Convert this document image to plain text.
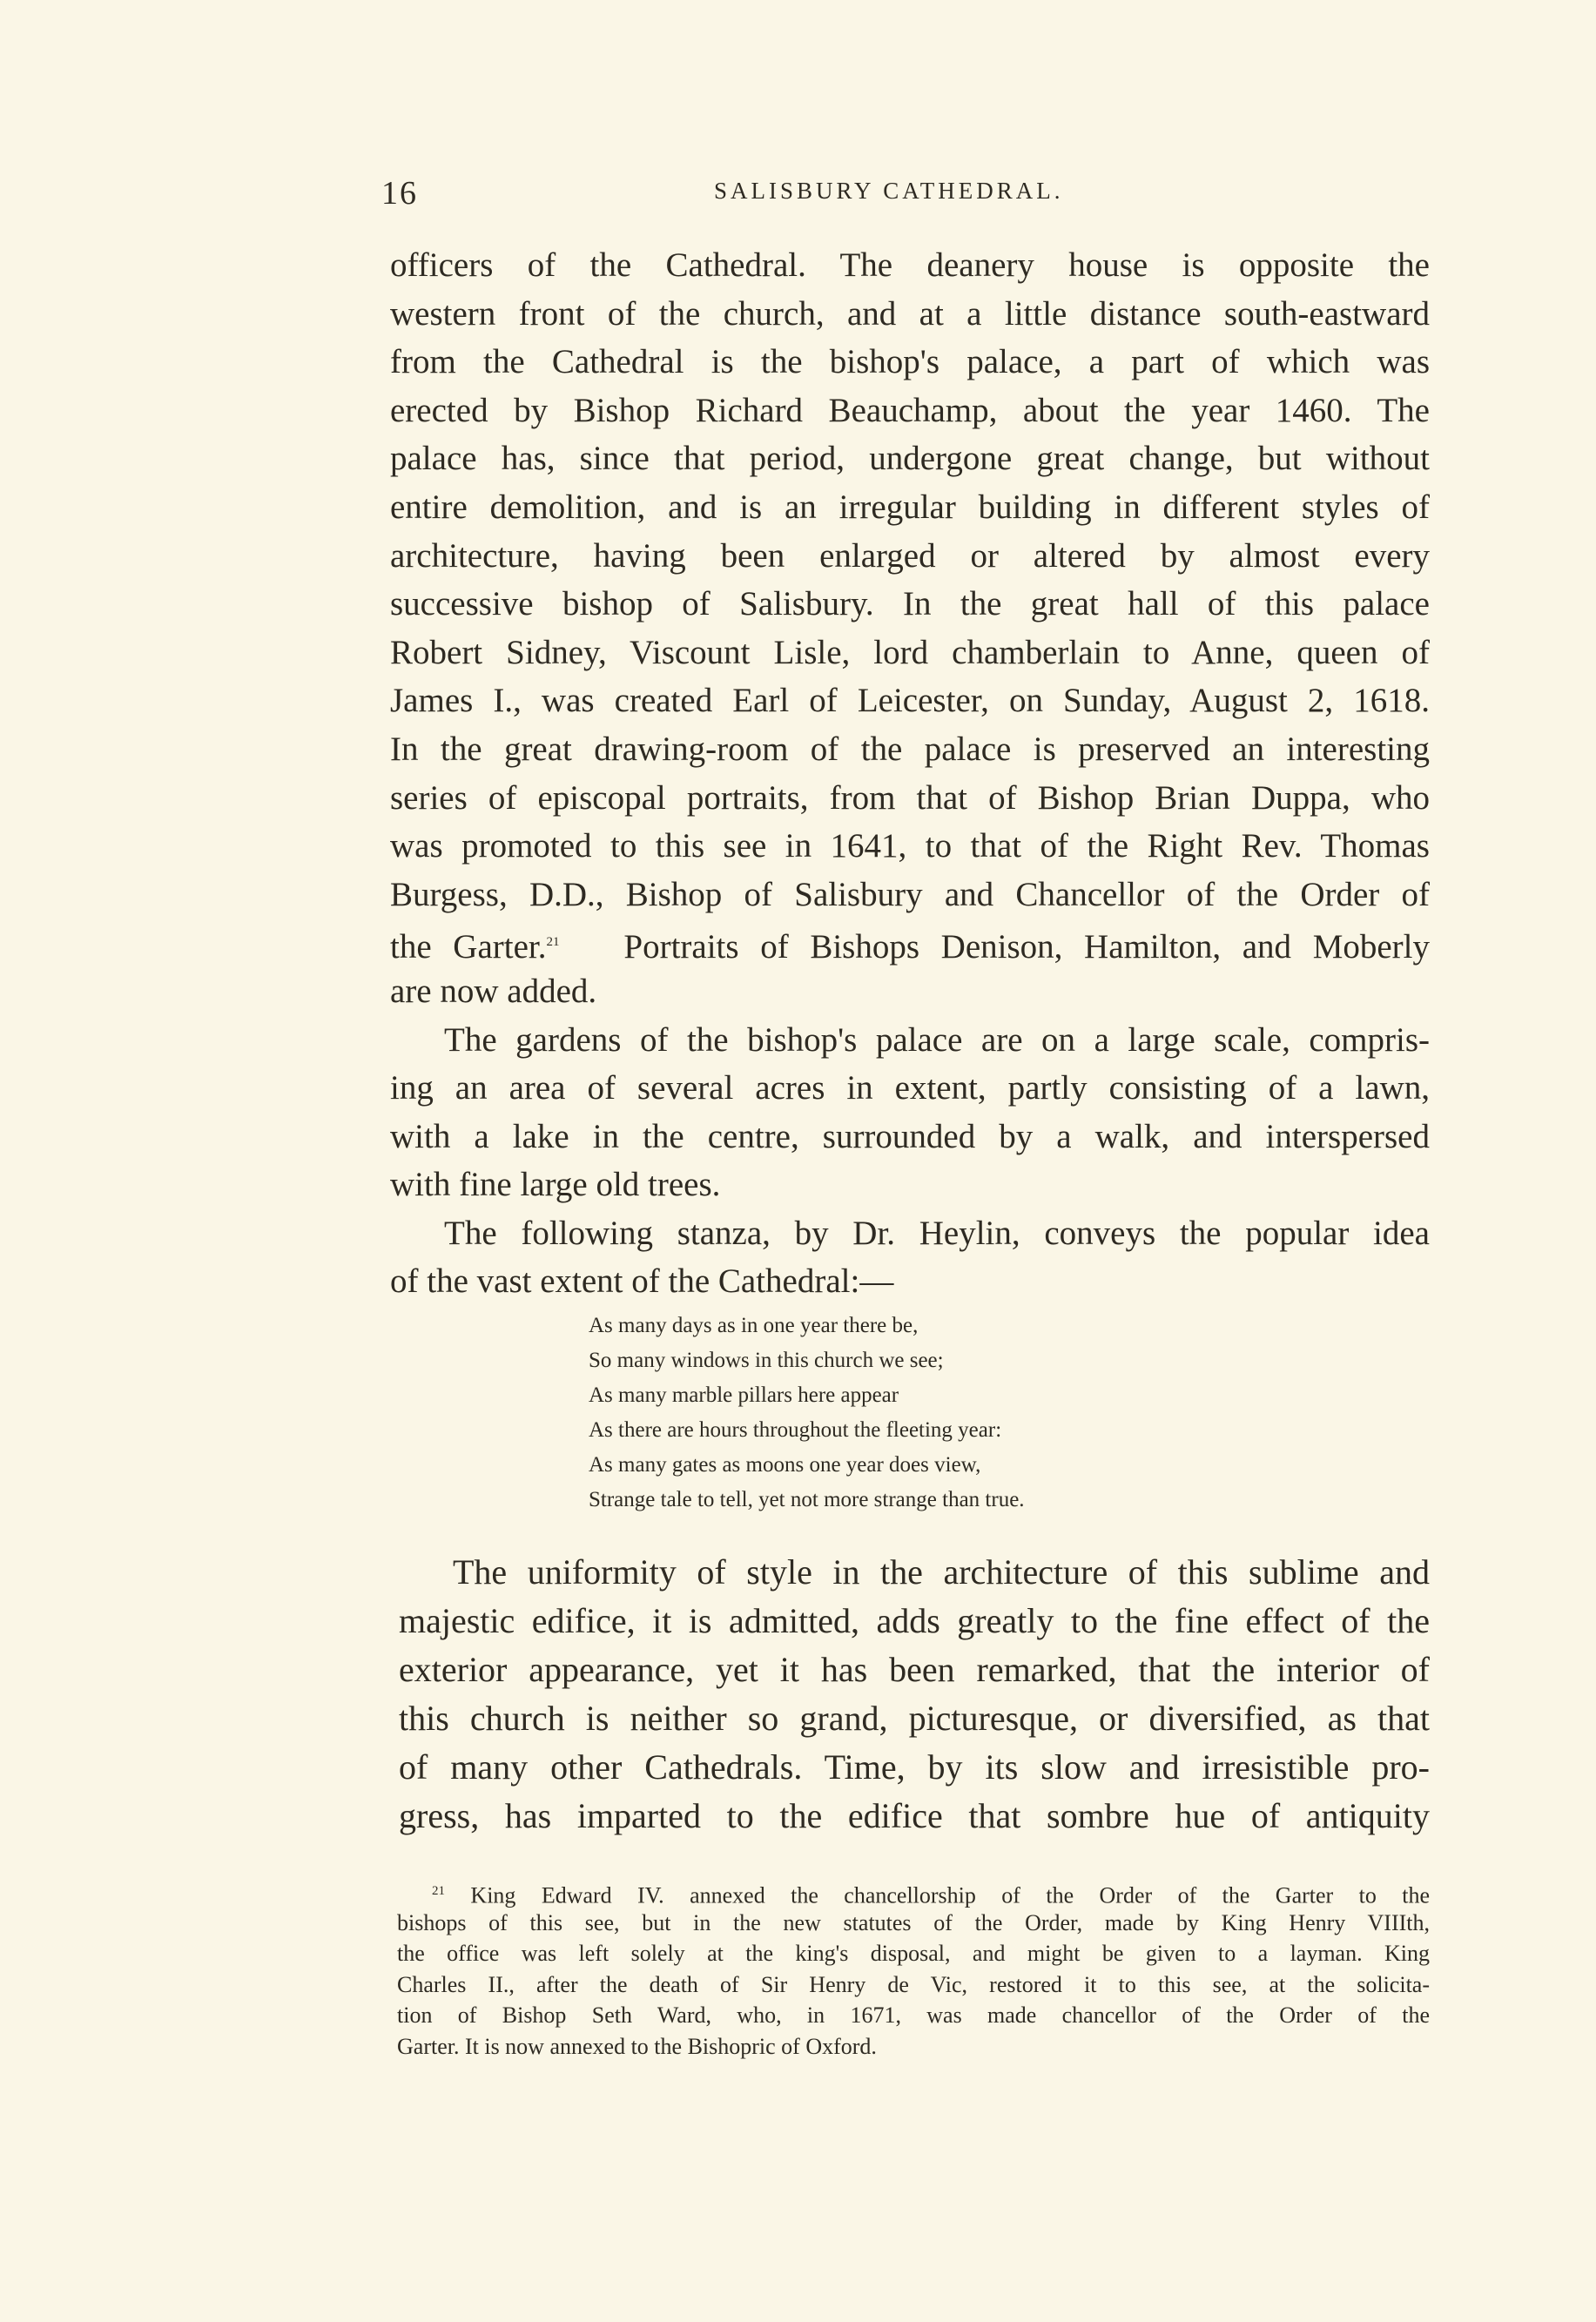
16	SALISBURY CATHEDRAL.
officers of the Cathedral. The deanery house is opposite the
western front of the church, and at a little distance south-eastward
from the Cathedral is the bishop's palace, a part of which was
erected by Bishop Richard Beauchamp, about the year 1460. The
palace has, since that period, undergone great change, but without
entire demolition, and is an irregular building in different styles of
architecture, having been enlarged or altered by almost every
successive bishop of Salisbury. In the great hall of this palace
Robert Sidney, Viscount Lisle, lord chamberlain to Anne, queen of
James I., was created Earl of Leicester, on Sunday, August 2, 1618.
In the great drawing-room of the palace is preserved an interesting
series of episcopal portraits, from that of Bishop Brian Duppa, who
was promoted to this see in 1641, to that of the Right Rev. Thomas
Burgess, D.D., Bishop of Salisbury and Chancellor of the Order of
the Garter.$^{21}$ Portraits of Bishops Denison, Hamilton, and Moberly
are now added.
The gardens of the bishop's palace are on a large scale, compris-
ing an area of several acres in extent, partly consisting of a lawn,
with a lake in the centre, surrounded by a walk, and interspersed
with fine large old trees.
The following stanza, by Dr. Heylin, conveys the popular idea
of the vast extent of the Cathedral:—
As many days as in one year there be,
So many windows in this church we see;
As many marble pillars here appear
As there are hours throughout the fleeting year:
As many gates as moons one year does view,
Strange tale to tell, yet not more strange than true.
The uniformity of style in the architecture of this sublime and
majestic edifice, it is admitted, adds greatly to the fine effect of the
exterior appearance, yet it has been remarked, that the interior of
this church is neither so grand, picturesque, or diversified, as that
of many other Cathedrals. Time, by its slow and irresistible pro-
gress, has imparted to the edifice that sombre hue of antiquity
$^{21}$ King Edward IV. annexed the chancellorship of the Order of the Garter to the
bishops of this see, but in the new statutes of the Order, made by King Henry VIIIth,
the office was left solely at the king's disposal, and might be given to a layman. King
Charles II., after the death of Sir Henry de Vic, restored it to this see, at the solicita-
tion of Bishop Seth Ward, who, in 1671, was made chancellor of the Order of the
Garter. It is now annexed to the Bishopric of Oxford.
